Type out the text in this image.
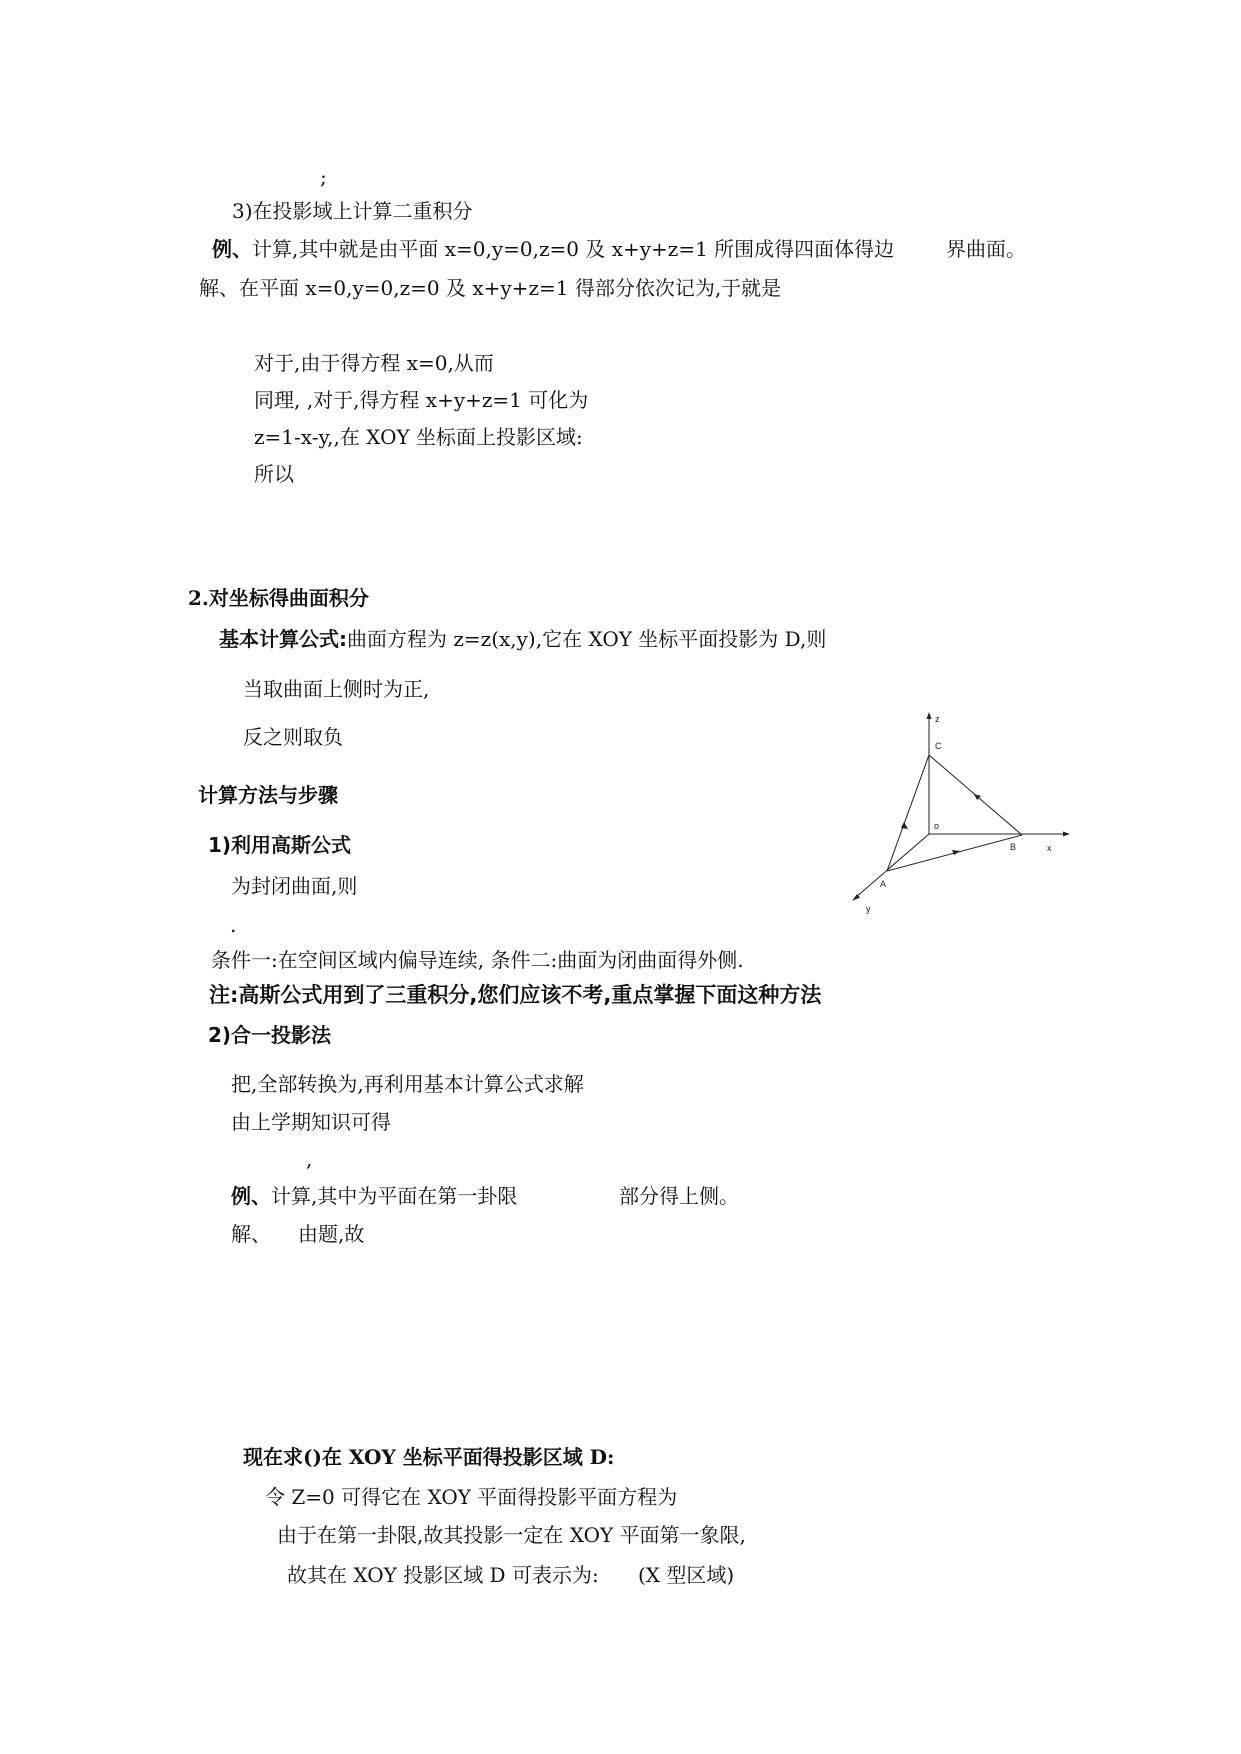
;
3)在投影域上计算二重积分
例、计算,其中就是由平面 x=0,y=0,z=0 及 x+y+z=1 所围成得四面体得边	界曲面。
解、在平面 x=0,y=0,z=0 及 x+y+z=1 得部分依次记为,于就是
对于,由于得方程 x=0,从而
同理, ,对于,得方程 x+y+z=1 可化为
z=1-x-y,,在 XOY 坐标面上投影区域:
所以
2.对坐标得曲面积分
基本计算公式:曲面方程为 z=z(x,y),它在 XOY 坐标平面投影为 D,则
当取曲面上侧时为正,
反之则取负
计算方法与步骤
1)利用高斯公式
为封闭曲面,则
.
条件一:在空间区域内偏导连续, 条件二:曲面为闭曲面得外侧.
注:高斯公式用到了三重积分,您们应该不考,重点掌握下面这种方法
2)合一投影法
把,全部转换为,再利用基本计算公式求解
由上学期知识可得
,
例、计算,其中为平面在第一卦限	部分得上侧。
解、 由题,故
现在求()在 XOY 坐标平面得投影区域 D:
令 Z=0 可得它在 XOY 平面得投影平面方程为
由于在第一卦限,故其投影一定在 XOY 平面第一象限,
故其在 XOY 投影区域 D 可表示为: (X 型区域)
z
C
o
B	x
A
y
